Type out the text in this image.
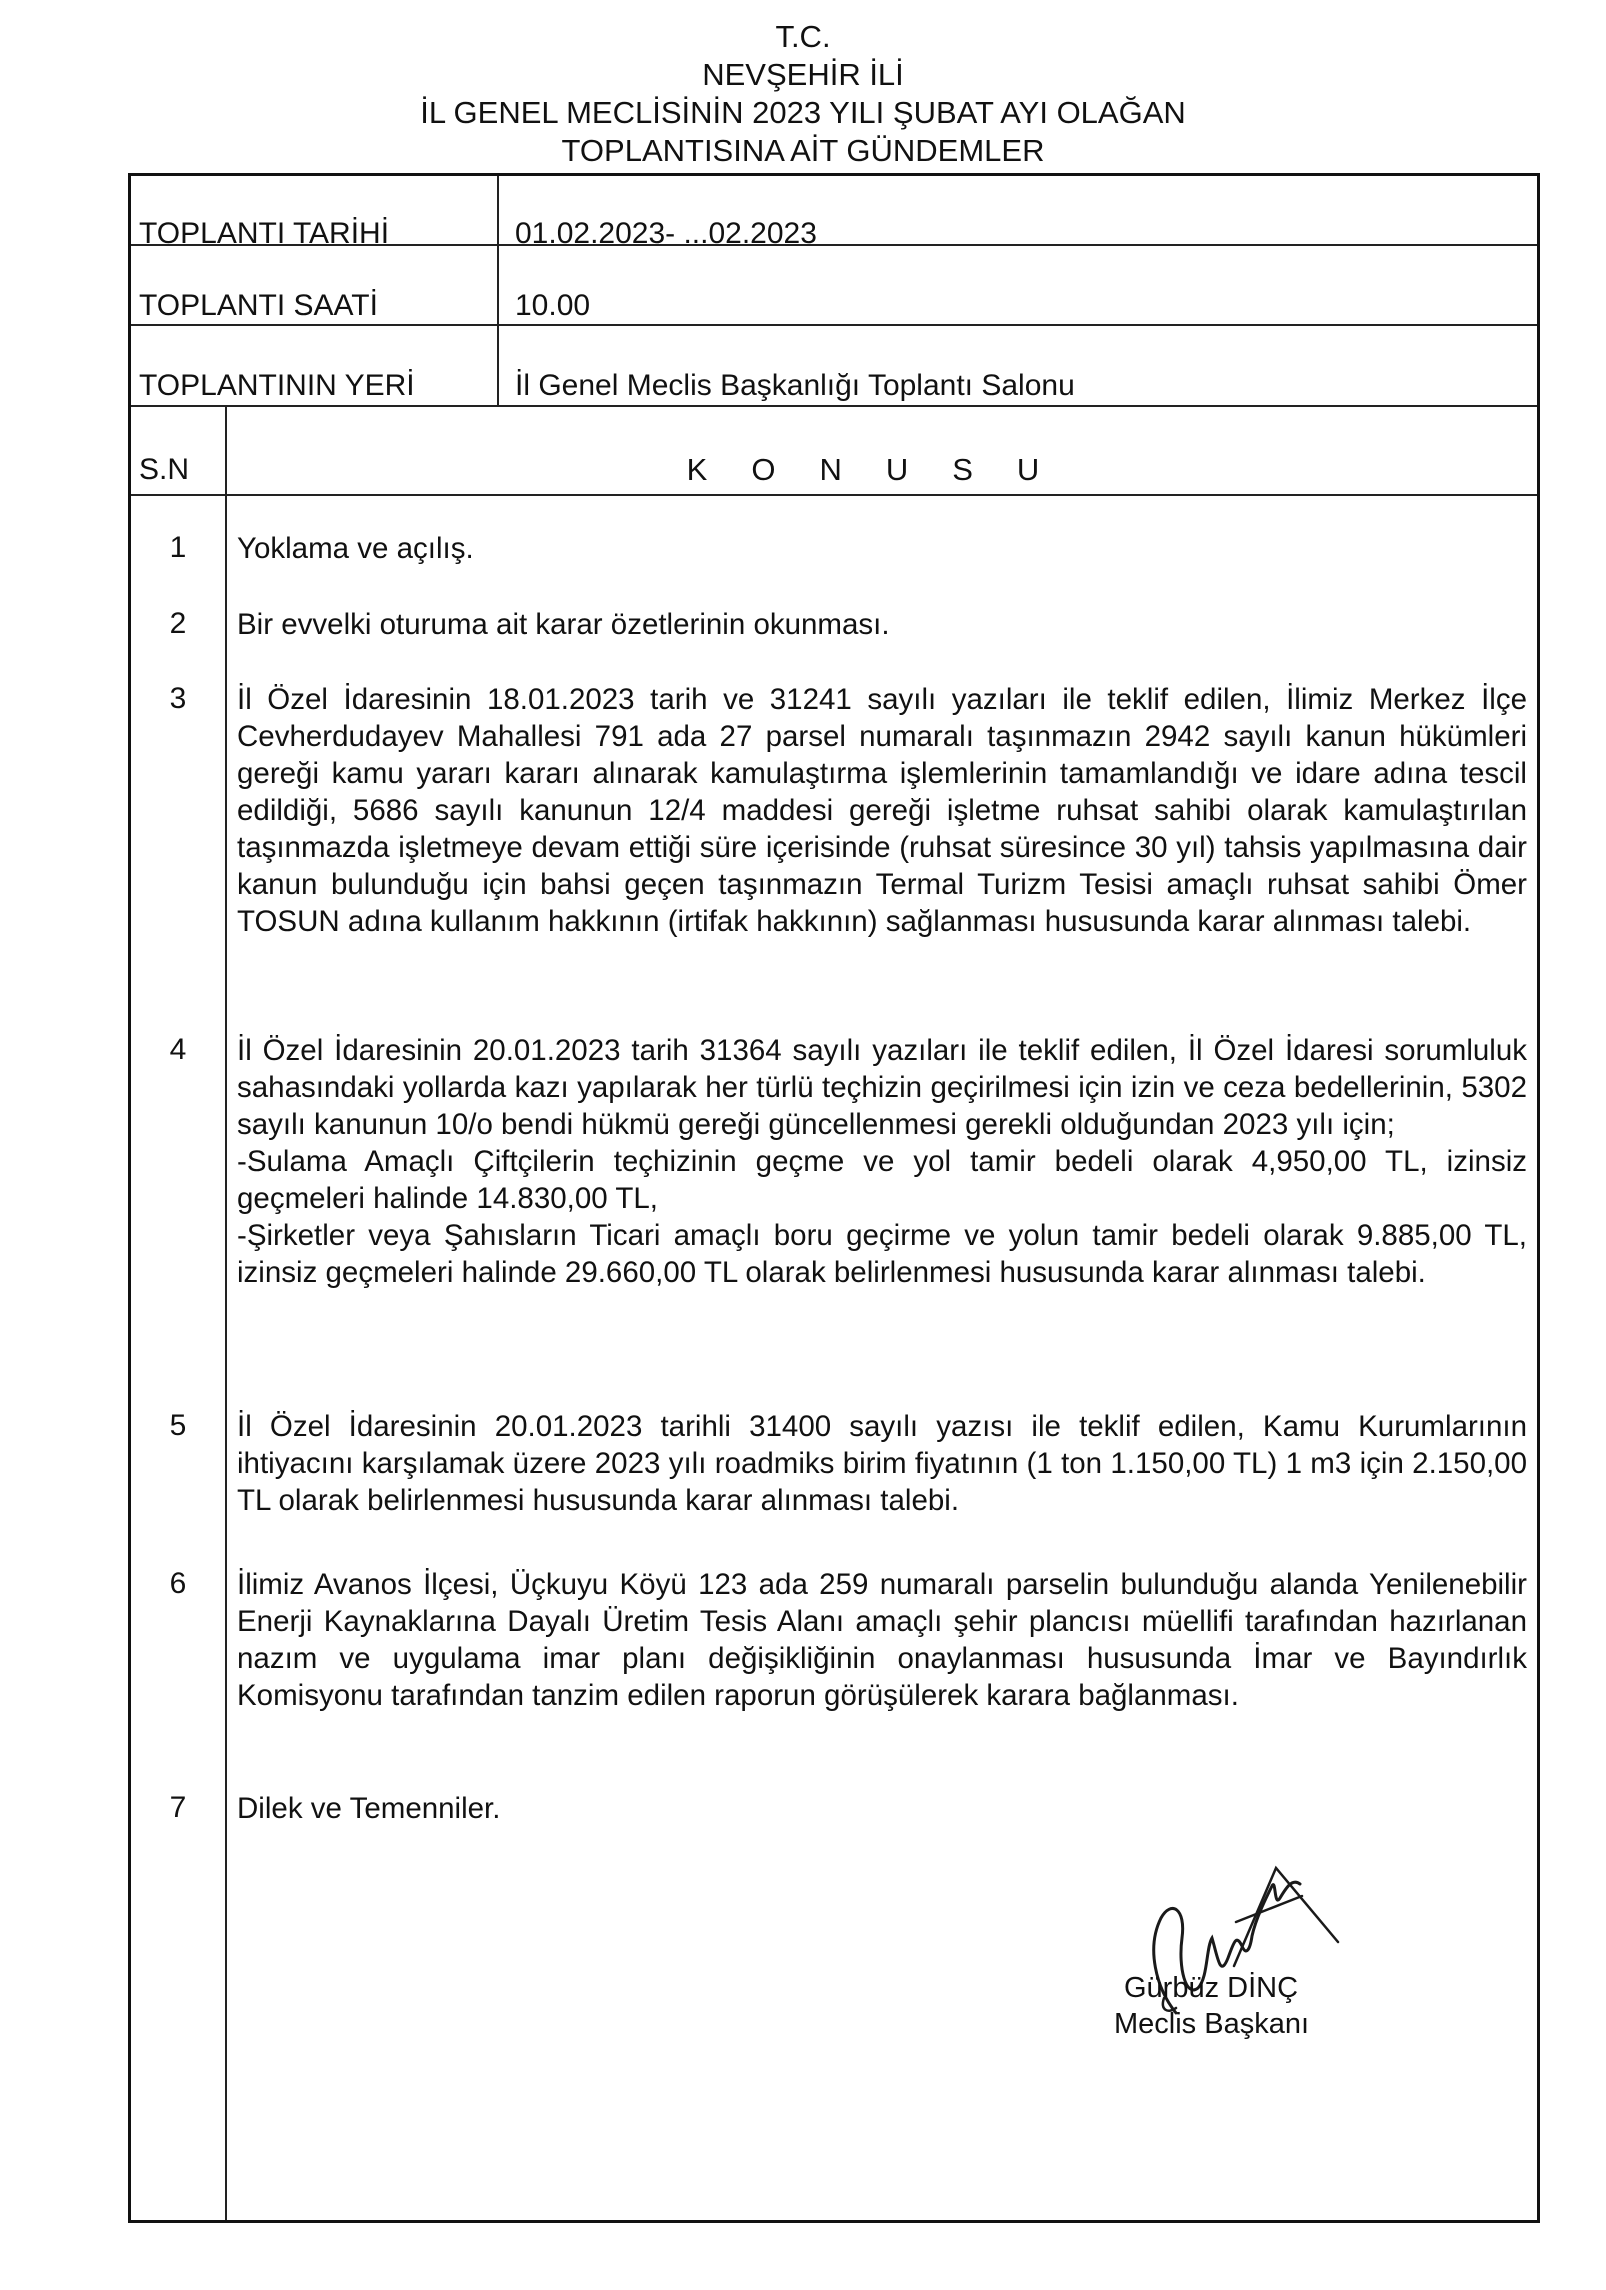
T.C.
NEVŞEHİR İLİ
İL GENEL MECLİSİNİN 2023 YILI ŞUBAT AYI OLAĞAN
TOPLANTISINA AİT GÜNDEMLER
TOPLANTI TARİHİ	01.02.2023- ...02.2023
TOPLANTI SAATİ	10.00
TOPLANTININ YERİ	İl Genel Meclis Başkanlığı Toplantı Salonu
S.N	KONUSU
1	Yoklama ve açılış.
2	Bir evvelki oturuma ait karar özetlerinin okunması.
3	İl Özel İdaresinin 18.01.2023 tarih ve 31241 sayılı yazıları ile teklif edilen, İlimiz Merkez İlçe Cevherdudayev Mahallesi 791 ada 27 parsel numaralı taşınmazın 2942 sayılı kanun hükümleri gereği kamu yararı kararı alınarak kamulaştırma işlemlerinin tamamlandığı ve idare adına tescil edildiği, 5686 sayılı kanunun 12/4 maddesi gereği işletme ruhsat sahibi olarak kamulaştırılan taşınmazda işletmeye devam ettiği süre içerisinde (ruhsat süresince 30 yıl) tahsis yapılmasına dair kanun bulunduğu için bahsi geçen taşınmazın Termal Turizm Tesisi amaçlı ruhsat sahibi Ömer TOSUN adına kullanım hakkının (irtifak hakkının) sağlanması hususunda karar alınması talebi.
4	İl Özel İdaresinin 20.01.2023 tarih 31364 sayılı yazıları ile teklif edilen, İl Özel İdaresi sorumluluk sahasındaki yollarda kazı yapılarak her türlü teçhizin geçirilmesi için izin ve ceza bedellerinin, 5302 sayılı kanunun 10/o bendi hükmü gereği güncellenmesi gerekli olduğundan 2023 yılı için;
-Sulama Amaçlı Çiftçilerin teçhizinin geçme ve yol tamir bedeli olarak 4,950,00 TL, izinsiz geçmeleri halinde 14.830,00 TL,
-Şirketler veya Şahısların Ticari amaçlı boru geçirme ve yolun tamir bedeli olarak 9.885,00 TL, izinsiz geçmeleri halinde 29.660,00 TL olarak belirlenmesi hususunda karar alınması talebi.
5	İl Özel İdaresinin 20.01.2023 tarihli 31400 sayılı yazısı ile teklif edilen, Kamu Kurumlarının ihtiyacını karşılamak üzere 2023 yılı roadmiks birim fiyatının (1 ton 1.150,00 TL) 1 m3 için 2.150,00 TL olarak belirlenmesi hususunda karar alınması talebi.
6	İlimiz Avanos İlçesi, Üçkuyu Köyü 123 ada 259 numaralı parselin bulunduğu alanda Yenilenebilir Enerji Kaynaklarına Dayalı Üretim Tesis Alanı amaçlı şehir plancısı müellifi tarafından hazırlanan nazım ve uygulama imar planı değişikliğinin onaylanması hususunda İmar ve Bayındırlık Komisyonu tarafından tanzim edilen raporun görüşülerek karara bağlanması.
7	Dilek ve Temenniler.
Gürbüz DİNÇ
Meclis Başkanı
